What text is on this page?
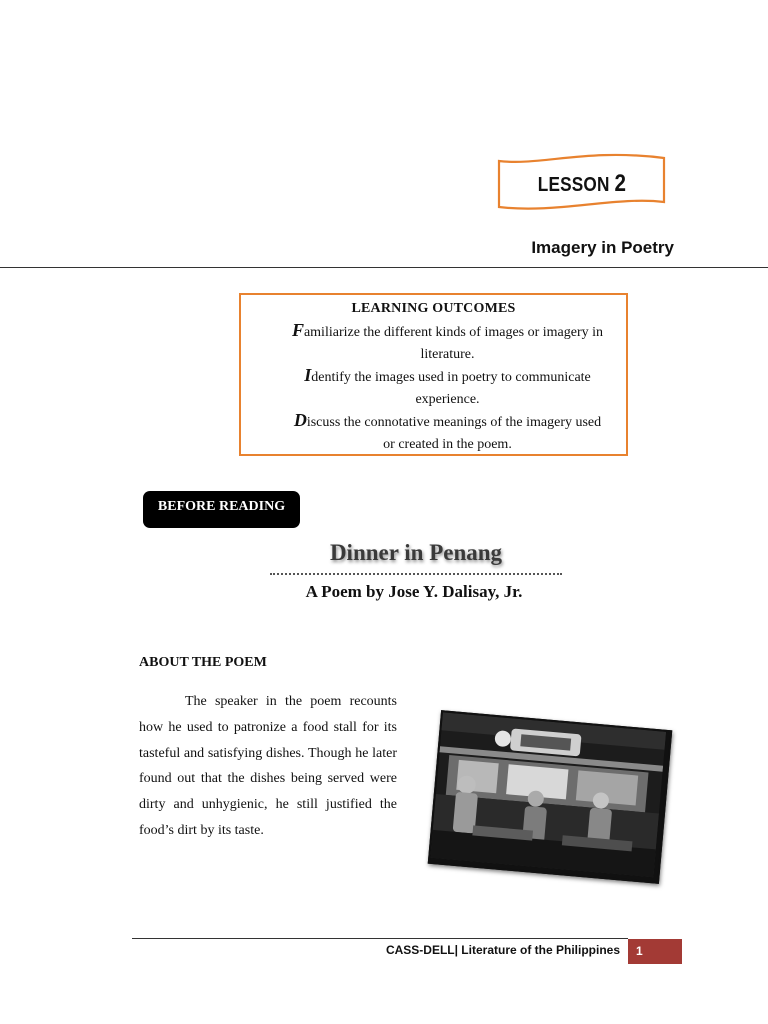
LESSON 2
Imagery in Poetry
LEARNING OUTCOMES
Familiarize the different kinds of images or imagery in literature.
Identify the images used in poetry to communicate experience.
Discuss the connotative meanings of the imagery used or created in the poem.
BEFORE READING
Dinner in Penang
A Poem by Jose Y. Dalisay, Jr.
ABOUT THE POEM

The speaker in the poem recounts how he used to patronize a food stall for its tasteful and satisfying dishes. Though he later found out that the dishes being served were dirty and unhygienic, he still justified the food’s dirt by its taste.

CASS-DELL| Literature of the Philippines	1
